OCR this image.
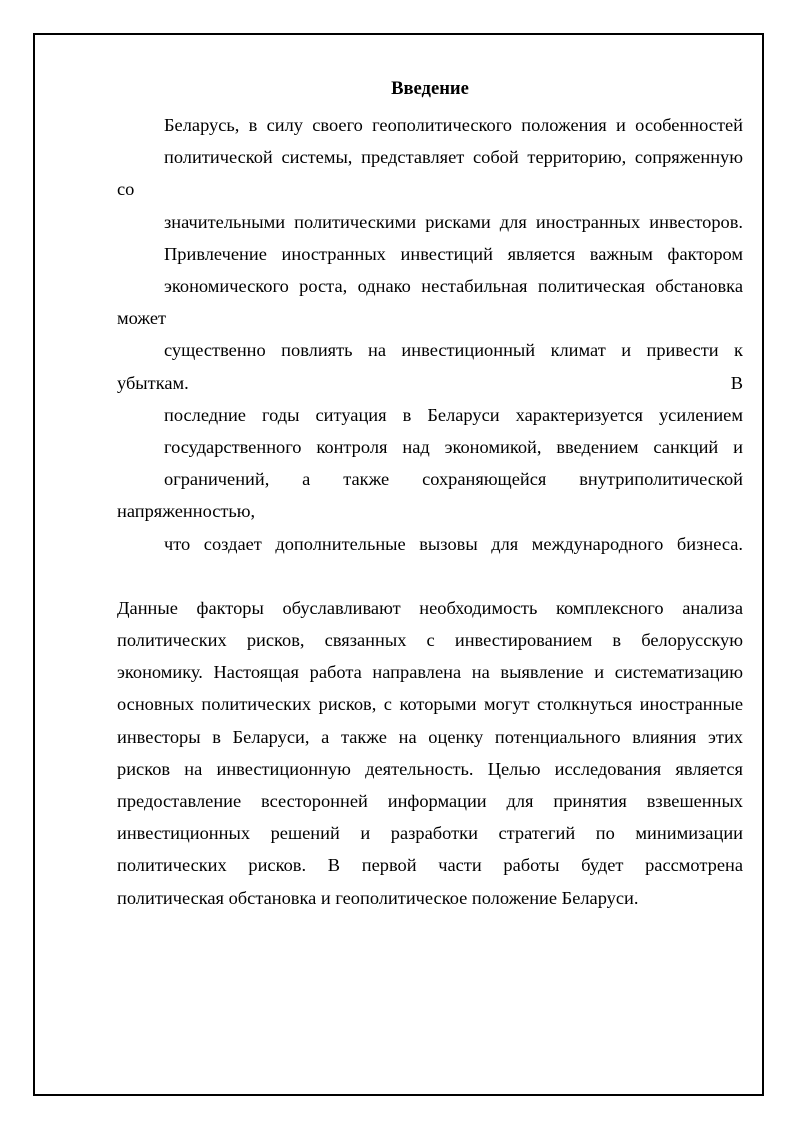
Введение

Беларусь, в силу своего геополитического положения и особенностей
политической системы, представляет собой территорию, сопряженную со
значительными политическими рисками для иностранных инвесторов.
Привлечение иностранных инвестиций является важным фактором
экономического роста, однако нестабильная политическая обстановка может
существенно повлиять на инвестиционный климат и привести к убыткам. В
последние годы ситуация в Беларуси характеризуется усилением
государственного контроля над экономикой, введением санкций и
ограничений, а также сохраняющейся внутриполитической напряженностью,
что создает дополнительные вызовы для международного бизнеса.

Данные факторы обуславливают необходимость комплексного анализа
политических рисков, связанных с инвестированием в белорусскую
экономику. Настоящая работа направлена на выявление и систематизацию
основных политических рисков, с которыми могут столкнуться иностранные
инвесторы в Беларуси, а также на оценку потенциального влияния этих
рисков на инвестиционную деятельность. Целью исследования является
предоставление всесторонней информации для принятия взвешенных
инвестиционных решений и разработки стратегий по минимизации
политических рисков. В первой части работы будет рассмотрена
политическая обстановка и геополитическое положение Беларуси.
